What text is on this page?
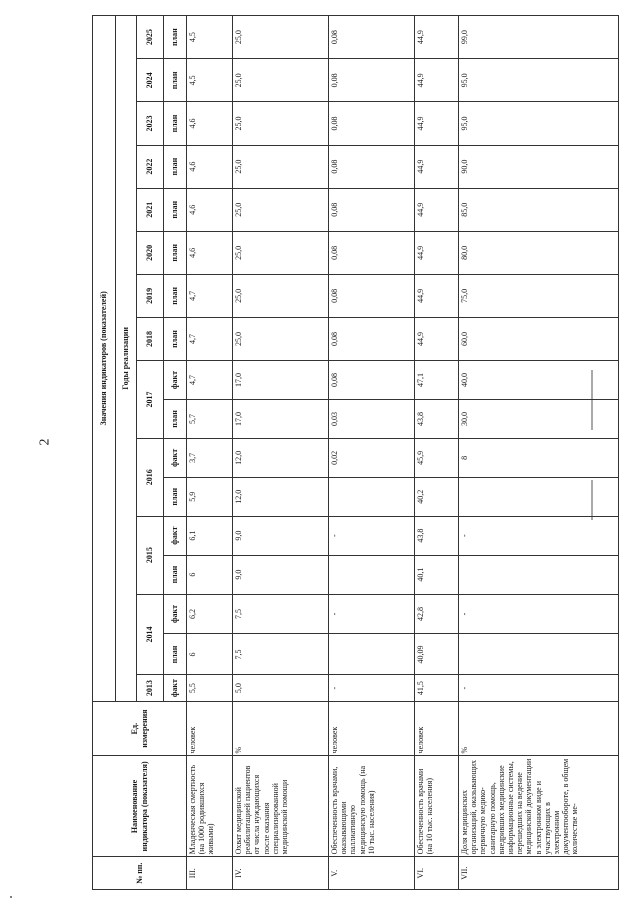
2
№ пп.	Наименование индикатора (показателя)	Ед. измерения	Значения индикаторов (показателей)																
			Годы реализации																
			2013	2014		2015		2016		2017		2018	2019	2020	2021	2022	2023	2024	2025
			факт	план	факт	план	факт	план	факт	план	факт	план	план	план	план	план	план	план	план
III.	Младенческая смертность (на 1000 родившихся живыми)	человек	5,5	6	6,2	6	6,1	5,9	3,7	5,7	4,7	4,7	4,7	4,6	4,6	4,6	4,6	4,5	4,5
IV.	Охват медицинской реабилитацией пациентов от числа нуждающихся после оказания специализированной медицинской помощи	%	5,0	7,5	7,5	9,0	9,0	12,0	12,0	17,0	17,0	25,0	25,0	25,0	25,0	25,0	25,0	25,0	25,0
V.	Обеспеченность врачами, оказывающими паллиативную медицинскую помощь (на 10 тыс. населения)	человек	-		-		-		0,02	0,03	0,08	0,08	0,08	0,08	0,08	0,08	0,08	0,08	0,08
VI.	Обеспеченность врачами (на 10 тыс. населения)	человек	41,5	40,09	42,8	40,1	43,8	40,2	45,9	43,8	47,1	44,9	44,9	44,9	44,9	44,9	44,9	44,9	44,9
VII.	Доля медицинских организаций, оказывающих первичную медико-санитарную помощь, внедривших медицинские информационные системы, перешедших на ведение медицинской документации в электронном виде и участвующих в электронном документообороте, в общем количестве ме-	%	-		-		-		8	30,0	40,0	60,0	75,0	80,0	85,0	90,0	95,0	95,0	99,0
